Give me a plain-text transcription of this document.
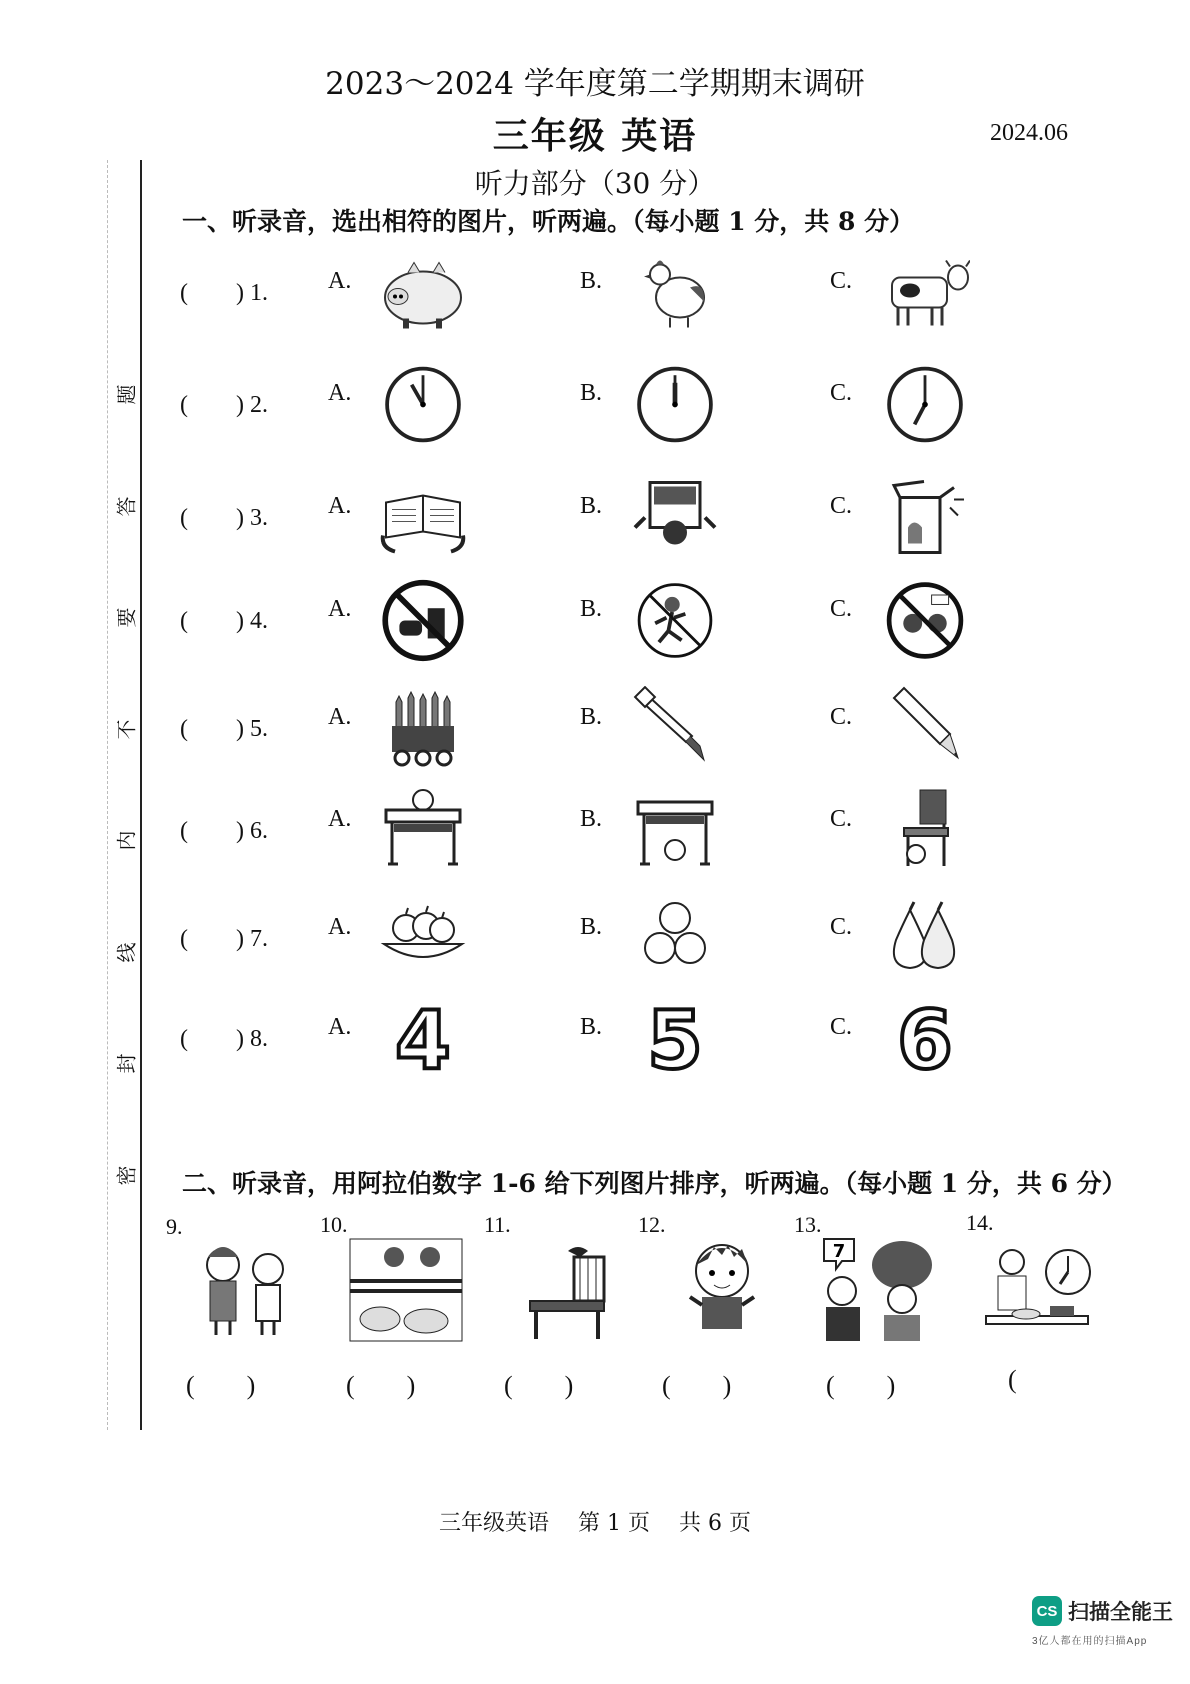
2023～2024 学年度第二学期期末调研
三年级 英语	2024.06
听力部分（30 分）
题
答
要
不
内
线
封
密
一、听录音，选出相符的图片，听两遍。（每小题 1 分，共 8 分）
(　　) 1.	A.	B.	C.
(　　) 2.	A.	B.	C.
(　　) 3.	A.	B.	C.
(　　) 4.	A.	B.	C.
(　　) 5.	A.	B.	C.
(　　) 6.	A.	B.	C.
(　　) 7.	A.	B.	C.
(　　) 8.	A. 4	B. 5	C. 6
二、听录音，用阿拉伯数字 1-6 给下列图片排序，听两遍。（每小题 1 分，共 6 分）
9.
(　　)
10.
(　　)
11.
(　　)
12.
(　　)
13.
7
(　　)
14.
(
三年级英语　 第 1 页　 共 6 页
CS 扫描全能王
3亿人都在用的扫描App
